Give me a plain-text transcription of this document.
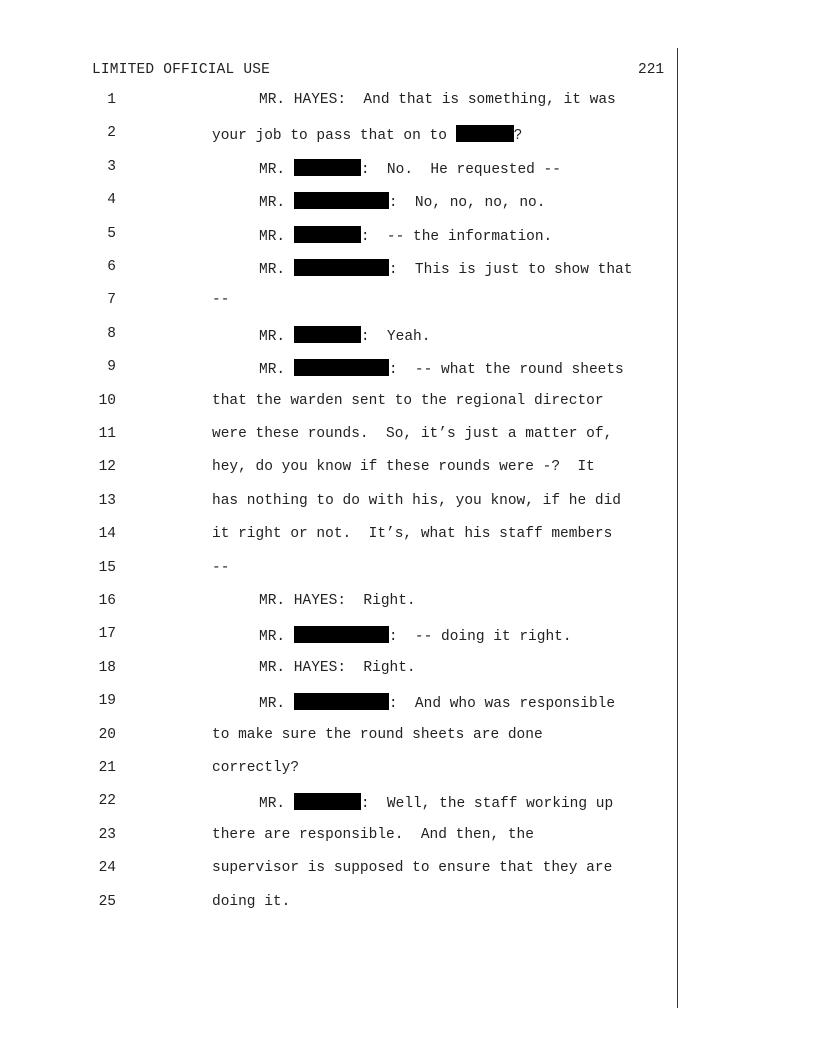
LIMITED OFFICIAL USE	221
1	MR. HAYES:  And that is something, it was
2	your job to pass that on to	?
3	MR.	:  No.  He requested --
4	MR.	:  No, no, no, no.
5	MR.	:  -- the information.
6	MR.	:  This is just to show that
7	--
8	MR.	:  Yeah.
9	MR.	:  -- what the round sheets
10	that the warden sent to the regional director
11	were these rounds.  So, it’s just a matter of,
12	hey, do you know if these rounds were -?  It
13	has nothing to do with his, you know, if he did
14	it right or not.  It’s, what his staff members
15	--
16	MR. HAYES:  Right.
17	MR.	:  -- doing it right.
18	MR. HAYES:  Right.
19	MR.	:  And who was responsible
20	to make sure the round sheets are done
21	correctly?
22	MR.	:  Well, the staff working up
23	there are responsible.  And then, the
24	supervisor is supposed to ensure that they are
25	doing it.
